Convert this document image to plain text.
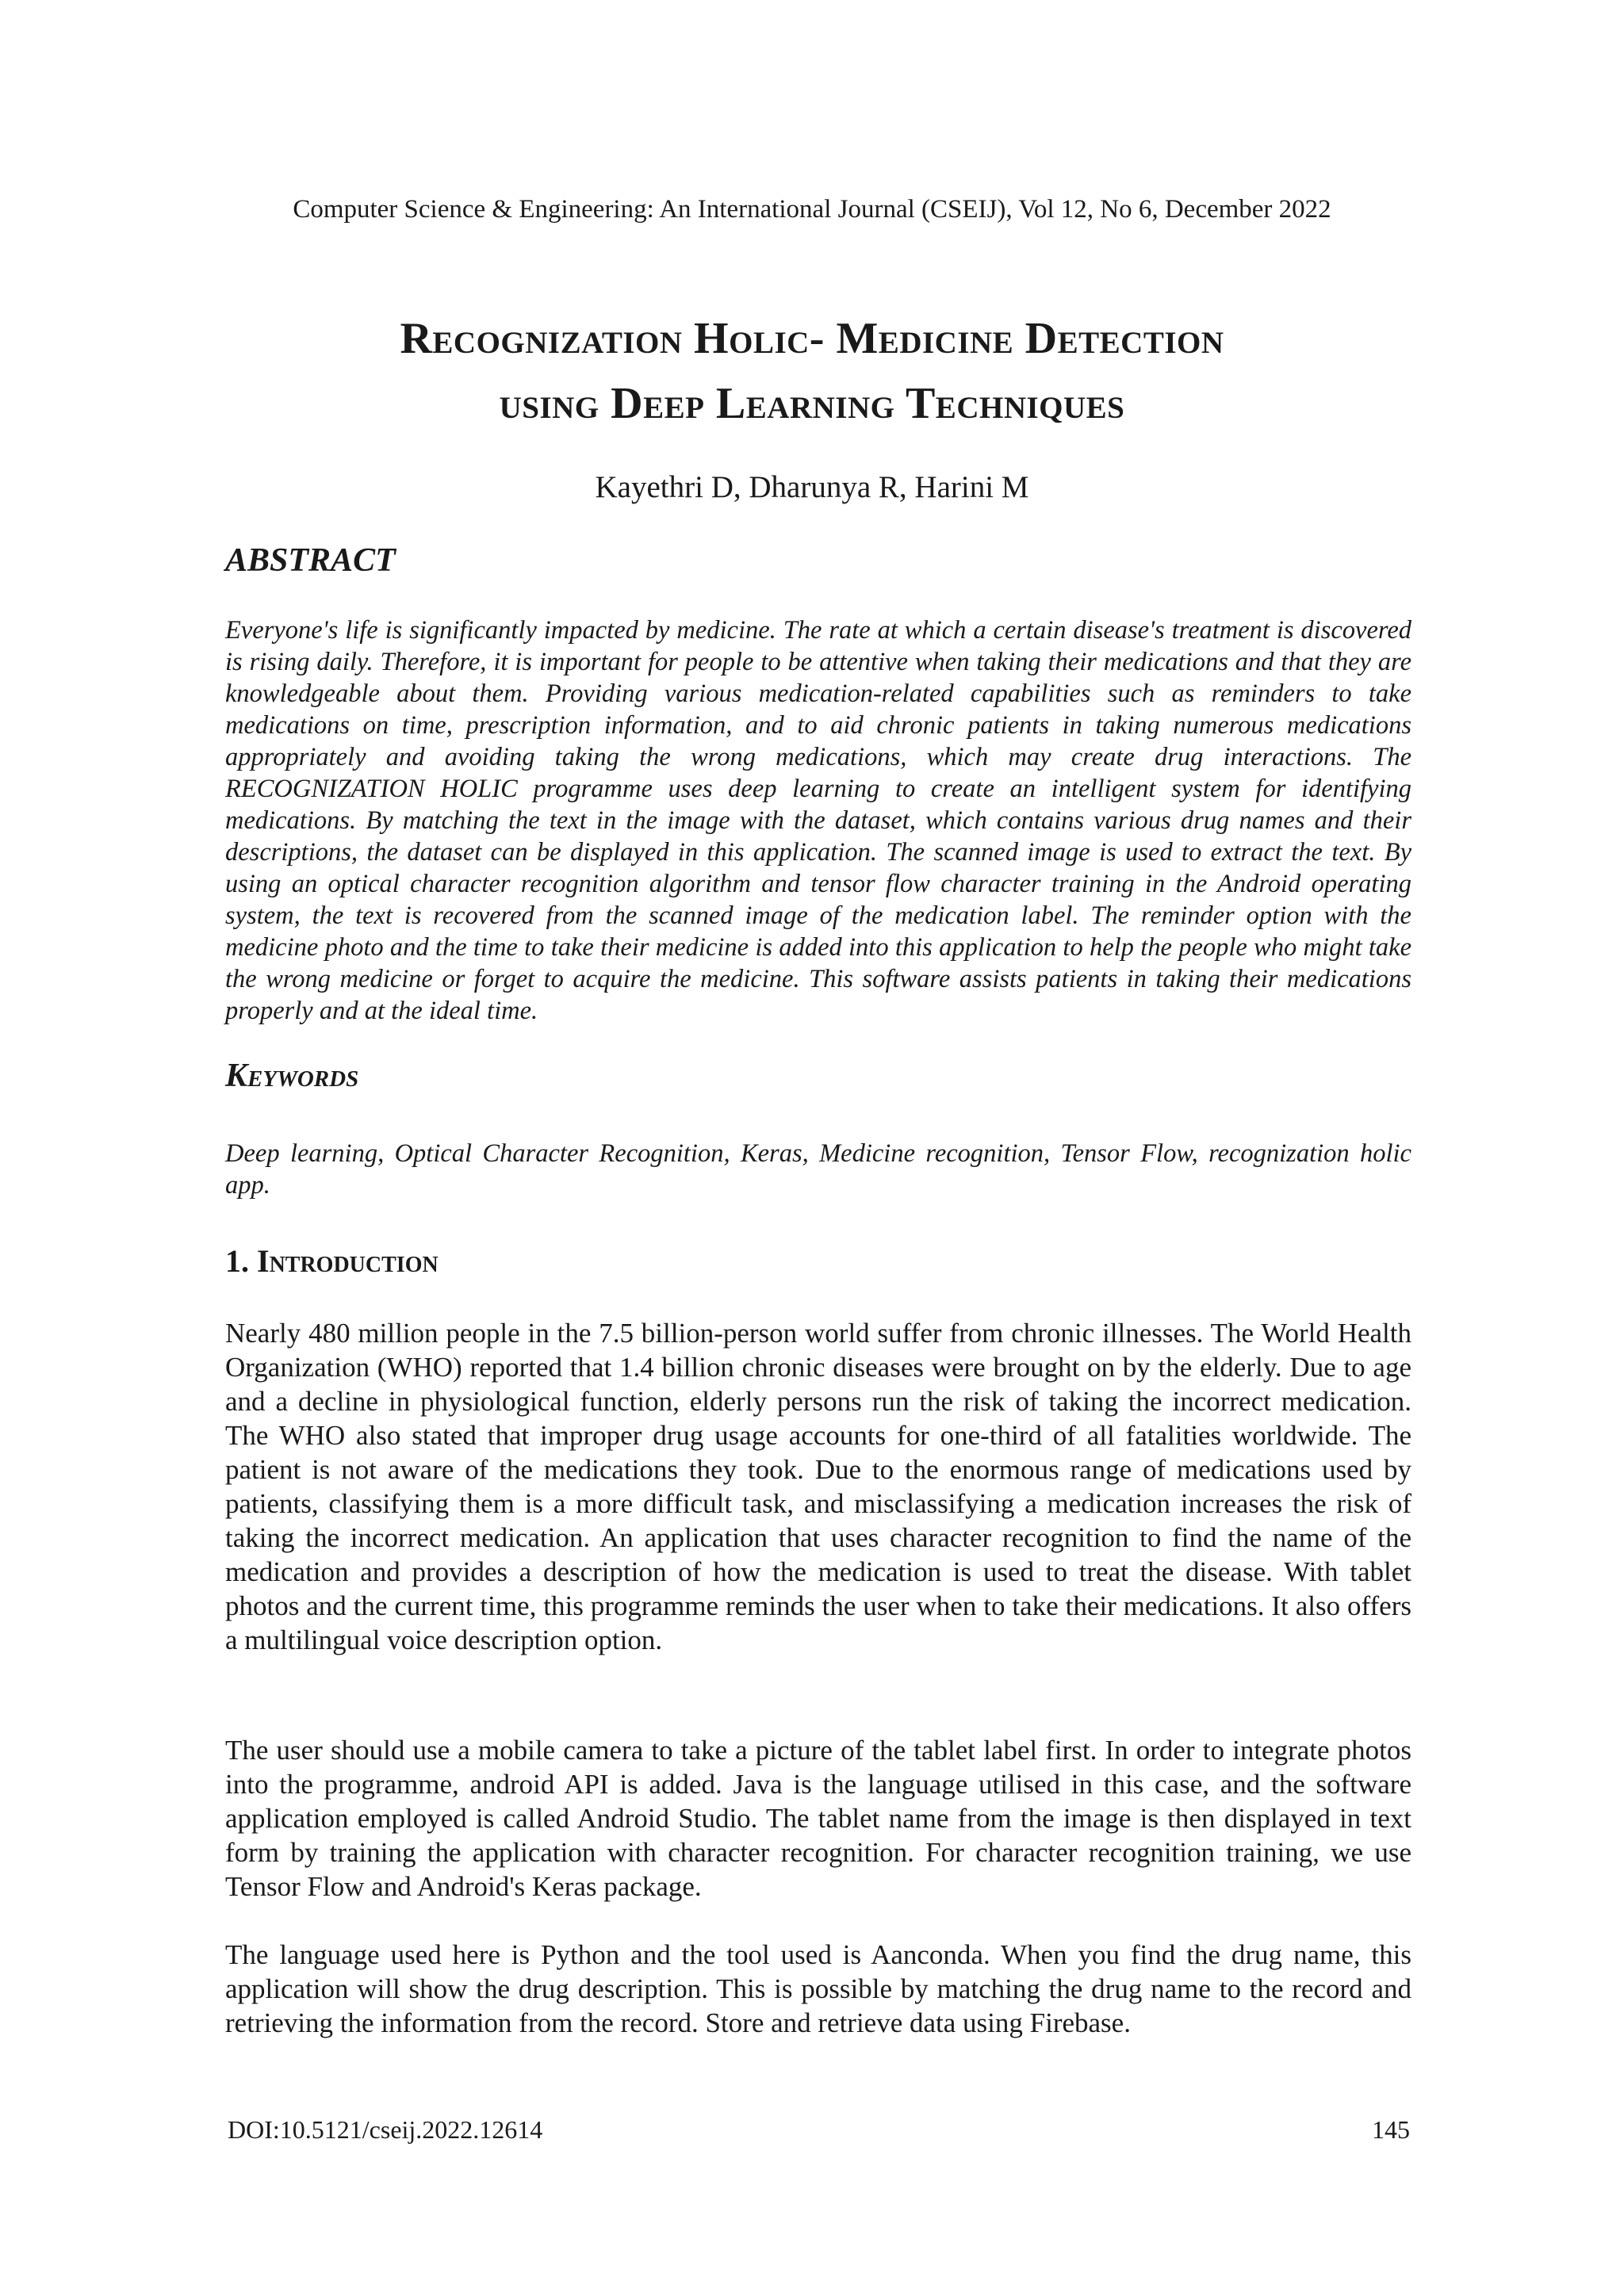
Computer Science & Engineering: An International Journal (CSEIJ), Vol 12, No 6, December 2022
Recognization Holic- Medicine Detection
using Deep Learning Techniques
Kayethri D, Dharunya R, Harini M
ABSTRACT

Everyone's life is significantly impacted by medicine. The rate at which a certain disease's treatment is discovered is rising daily. Therefore, it is important for people to be attentive when taking their medications and that they are knowledgeable about them. Providing various medication-related capabilities such as reminders to take medications on time, prescription information, and to aid chronic patients in taking numerous medications appropriately and avoiding taking the wrong medications, which may create drug interactions. The RECOGNIZATION HOLIC programme uses deep learning to create an intelligent system for identifying medications. By matching the text in the image with the dataset, which contains various drug names and their descriptions, the dataset can be displayed in this application. The scanned image is used to extract the text. By using an optical character recognition algorithm and tensor flow character training in the Android operating system, the text is recovered from the scanned image of the medication label. The reminder option with the medicine photo and the time to take their medicine is added into this application to help the people who might take the wrong medicine or forget to acquire the medicine. This software assists patients in taking their medications properly and at the ideal time.

Keywords

Deep learning, Optical Character Recognition, Keras, Medicine recognition, Tensor Flow, recognization holic app.

1. Introduction

Nearly 480 million people in the 7.5 billion-person world suffer from chronic illnesses. The World Health Organization (WHO) reported that 1.4 billion chronic diseases were brought on by the elderly. Due to age and a decline in physiological function, elderly persons run the risk of taking the incorrect medication. The WHO also stated that improper drug usage accounts for one-third of all fatalities worldwide. The patient is not aware of the medications they took. Due to the enormous range of medications used by patients, classifying them is a more difficult task, and misclassifying a medication increases the risk of taking the incorrect medication. An application that uses character recognition to find the name of the medication and provides a description of how the medication is used to treat the disease. With tablet photos and the current time, this programme reminds the user when to take their medications. It also offers a multilingual voice description option.

The user should use a mobile camera to take a picture of the tablet label first. In order to integrate photos into the programme, android API is added. Java is the language utilised in this case, and the software application employed is called Android Studio. The tablet name from the image is then displayed in text form by training the application with character recognition. For character recognition training, we use Tensor Flow and Android's Keras package.

The language used here is Python and the tool used is Aanconda. When you find the drug name, this application will show the drug description. This is possible by matching the drug name to the record and retrieving the information from the record. Store and retrieve data using Firebase.

DOI:10.5121/cseij.2022.12614	145
